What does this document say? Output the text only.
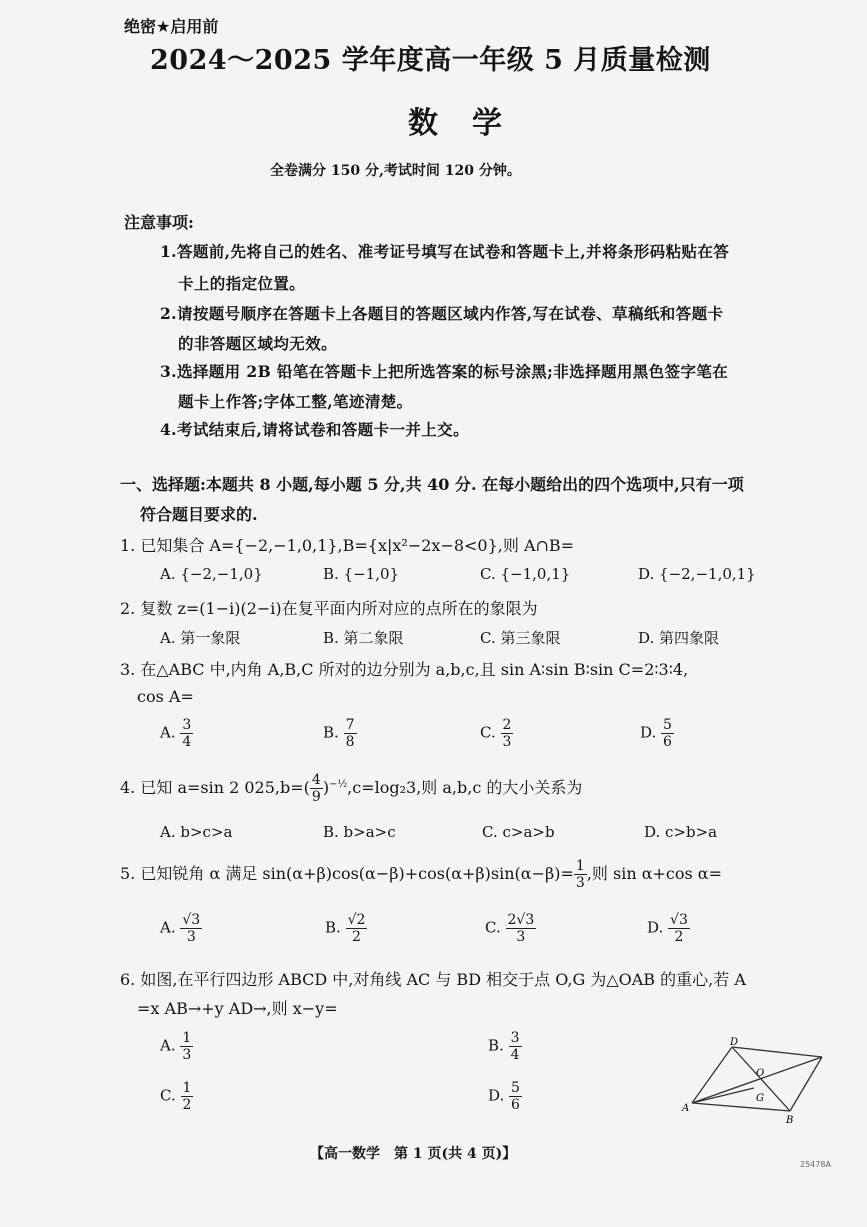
绝密★启用前
2024～2025 学年度高一年级 5 月质量检测
数学
全卷满分 150 分,考试时间 120 分钟。
注意事项:
1.答题前,先将自己的姓名、准考证号填写在试卷和答题卡上,并将条形码粘贴在答
卡上的指定位置。
2.请按题号顺序在答题卡上各题目的答题区域内作答,写在试卷、草稿纸和答题卡
的非答题区域均无效。
3.选择题用 2B 铅笔在答题卡上把所选答案的标号涂黑;非选择题用黑色签字笔在
题卡上作答;字体工整,笔迹清楚。
4.考试结束后,请将试卷和答题卡一并上交。
一、选择题:本题共 8 小题,每小题 5 分,共 40 分. 在每小题给出的四个选项中,只有一项
符合题目要求的.
1. 已知集合 A={−2,−1,0,1},B={x|x²−2x−8<0},则 A∩B=
A. {−2,−1,0}	B. {−1,0}	C. {−1,0,1}	D. {−2,−1,0,1}
2. 复数 z=(1−i)(2−i)在复平面内所对应的点所在的象限为
A. 第一象限	B. 第二象限	C. 第三象限	D. 第四象限
3. 在△ABC 中,内角 A,B,C 所对的边分别为 a,b,c,且 sin A∶sin B∶sin C=2∶3∶4,
cos A=
A. $\frac{3}{4}$	B. $\frac{7}{8}$	C. $\frac{2}{3}$	D. $\frac{5}{6}$
4. 已知 a=sin 2 $025,b=( \frac{4}{9} )^{-\frac{1}{2}},c=\log_23$,则 a,b,c 的大小关系为
A. b>c>a	B. b>a>c	C. c>a>b	D. c>b>a
5. 已知锐角 α 满足 $\sin(\alpha+\beta)\cos(\alpha-\beta)+\cos(\alpha+\beta)\sin(\alpha-\beta)= \frac{1}{3}$ ,则 sin α+cos α=
A. $\frac{√3}{3}$	B. $\frac{√2}{2}$	C. $\frac{2√3}{3}$	D. $\frac{√3}{2}$
6. 如图,在平行四边形 ABCD 中,对角线 AC 与 BD 相交于点 O,G 为△OAB 的重心,若 A
=x AB→+y AD→,则 x−y=
A. $\frac{1}{3}$	B. $\frac{3}{4}$
C. $\frac{1}{2}$	D. $\frac{5}{6}$
D
O
A
G
B
【高一数学　第 1 页(共 4 页)】
25478A
